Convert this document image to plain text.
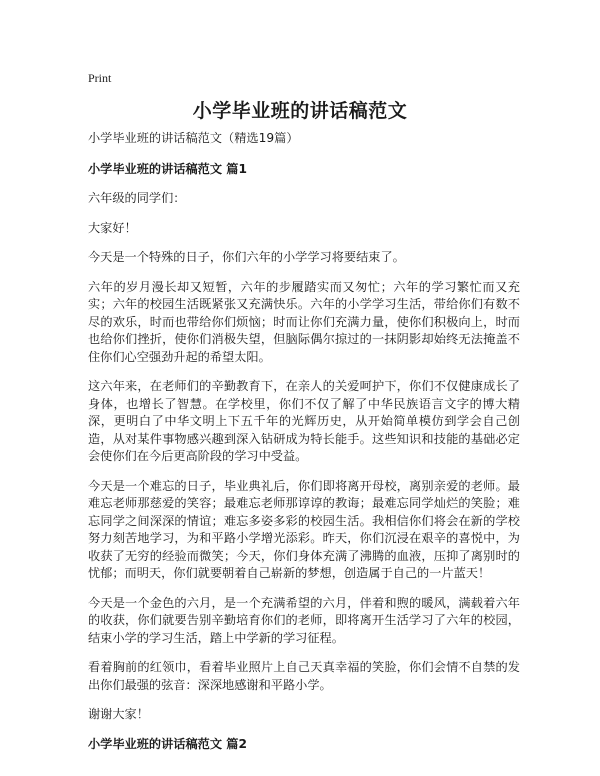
Print
小学毕业班的讲话稿范文

小学毕业班的讲话稿范文（精选19篇）

小学毕业班的讲话稿范文 篇1

六年级的同学们：

大家好！

今天是一个特殊的日子，你们六年的小学学习将要结束了。

六年的岁月漫长却又短暂，六年的步履踏实而又匆忙；六年的学习繁忙而又充实；六年的校园生活既紧张又充满快乐。六年的小学学习生活，带给你们有数不尽的欢乐，时而也带给你们烦恼；时而让你们充满力量，使你们积极向上，时而也给你们挫折，使你们消极失望，但脑际偶尔掠过的一抹阴影却始终无法掩盖不住你们心空强劲升起的希望太阳。

这六年来，在老师们的辛勤教育下，在亲人的关爱呵护下，你们不仅健康成长了身体，也增长了智慧。在学校里，你们不仅了解了中华民族语言文字的博大精深，更明白了中华文明上下五千年的光辉历史，从开始简单模仿到学会自己创造，从对某件事物感兴趣到深入钻研成为特长能手。这些知识和技能的基础必定会使你们在今后更高阶段的学习中受益。

今天是一个难忘的日子，毕业典礼后，你们即将离开母校，离别亲爱的老师。最难忘老师那慈爱的笑容；最难忘老师那谆谆的教诲；最难忘同学灿烂的笑脸；难忘同学之间深深的情谊；难忘多姿多彩的校园生活。我相信你们将会在新的学校努力刻苦地学习，为和平路小学增光添彩。昨天，你们沉浸在艰辛的喜悦中，为收获了无穷的经验而微笑；今天，你们身体充满了沸腾的血液，压抑了离别时的忧郁；而明天，你们就要朝着自己崭新的梦想，创造属于自己的一片蓝天！

今天是一个金色的六月，是一个充满希望的六月，伴着和煦的暖风，满载着六年的收获，你们就要告别辛勤培育你们的老师，即将离开生活学习了六年的校园，结束小学的学习生活，踏上中学新的学习征程。

看着胸前的红领巾，看着毕业照片上自己天真幸福的笑脸，你们会情不自禁的发出你们最强的弦音：深深地感谢和平路小学。

谢谢大家！

小学毕业班的讲话稿范文 篇2
